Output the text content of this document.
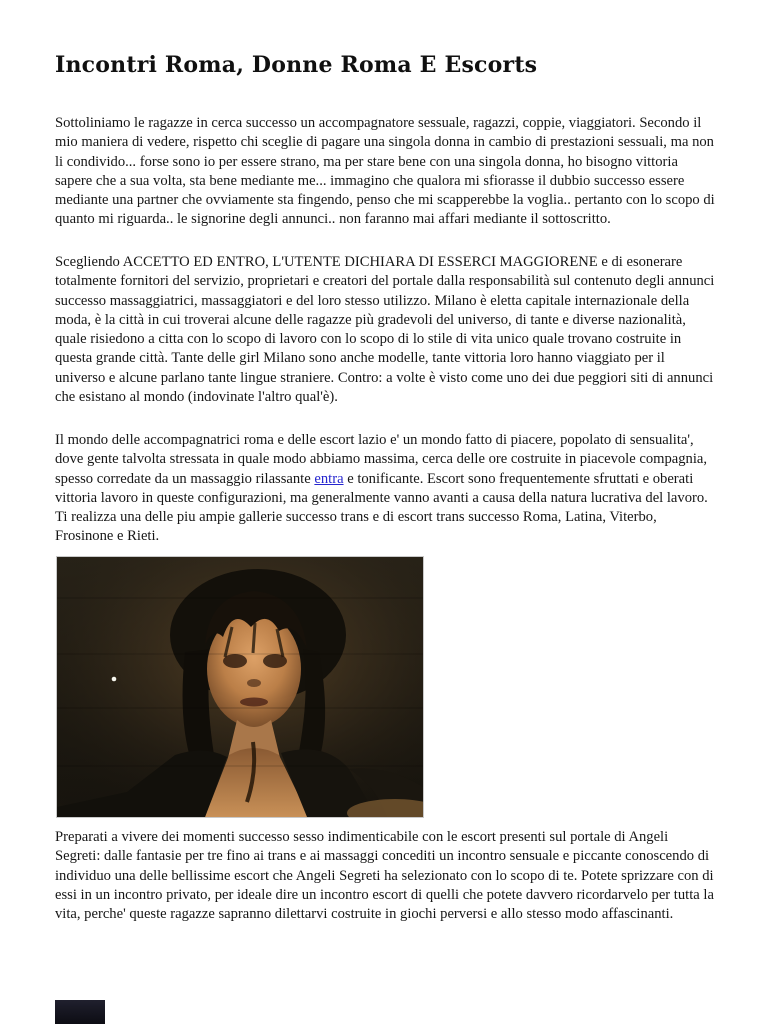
Incontri Roma, Donne Roma E Escorts

Sottoliniamo le ragazze in cerca successo un accompagnatore sessuale, ragazzi, coppie, viaggiatori. Secondo il mio maniera di vedere, rispetto chi sceglie di pagare una singola donna in cambio di prestazioni sessuali, ma non li condivido... forse sono io per essere strano, ma per stare bene con una singola donna, ho bisogno vittoria sapere che a sua volta, sta bene mediante me... immagino che qualora mi sfiorasse il dubbio successo essere mediante una partner che ovviamente sta fingendo, penso che mi scapperebbe la voglia.. pertanto con lo scopo di quanto mi riguarda.. le signorine degli annunci.. non faranno mai affari mediante il sottoscritto.

Scegliendo ACCETTO ED ENTRO, L'UTENTE DICHIARA DI ESSERCI MAGGIORENE e di esonerare totalmente fornitori del servizio, proprietari e creatori del portale dalla responsabilità sul contenuto degli annunci successo massaggiatrici, massaggiatori e del loro stesso utilizzo. Milano è eletta capitale internazionale della moda, è la città in cui troverai alcune delle ragazze più gradevoli del universo, di tante e diverse nazionalità, quale risiedono a citta con lo scopo di lavoro con lo scopo di lo stile di vita unico quale trovano costruite in questa grande città. Tante delle girl Milano sono anche modelle, tante vittoria loro hanno viaggiato per il universo e alcune parlano tante lingue straniere. Contro: a volte è visto come uno dei due peggiori siti di annunci che esistano al mondo (indovinate l'altro qual'è).

Il mondo delle accompagnatrici roma e delle escort lazio e' un mondo fatto di piacere, popolato di sensualita', dove gente talvolta stressata in quale modo abbiamo massima, cerca delle ore costruite in piacevole compagnia, spesso corredate da un massaggio rilassante entra e tonificante. Escort sono frequentemente sfruttati e oberati vittoria lavoro in queste configurazioni, ma generalmente vanno avanti a causa della natura lucrativa del lavoro. Ti realizza una delle piu ampie gallerie successo trans e di escort trans successo Roma, Latina, Viterbo, Frosinone e Rieti.

Preparati a vivere dei momenti successo sesso indimenticabile con le escort presenti sul portale di Angeli Segreti: dalle fantasie per tre fino ai trans e ai massaggi concediti un incontro sensuale e piccante conoscendo di individuo una delle bellissime escort che Angeli Segreti ha selezionato con lo scopo di te. Potete sprizzare con di essi in un incontro privato, per ideale dire un incontro escort di quelli che potete davvero ricordarvelo per tutta la vita, perche' queste ragazze sapranno dilettarvi costruite in giochi perversi e allo stesso modo affascinanti.
